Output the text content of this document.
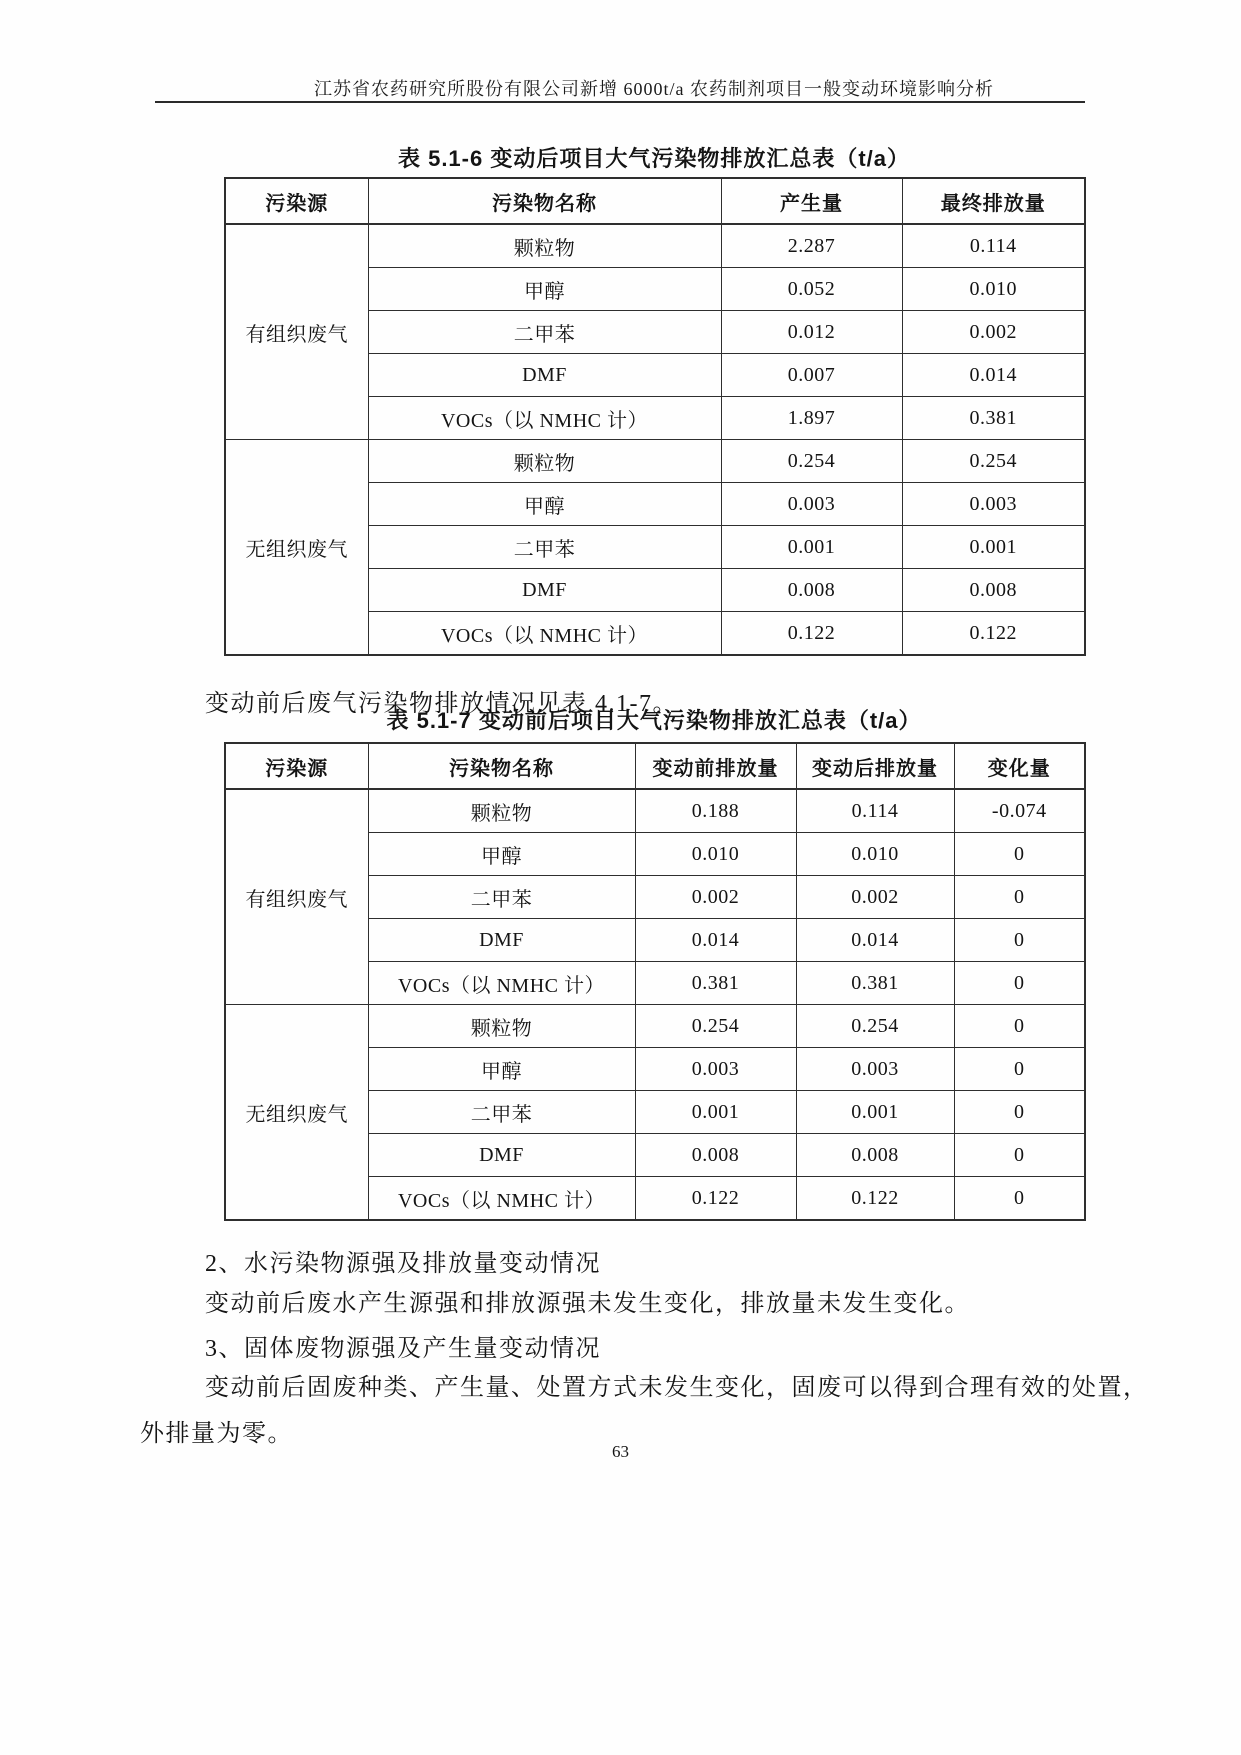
江苏省农药研究所股份有限公司新增 6000t/a 农药制剂项目一般变动环境影响分析
表 5.1-6 变动后项目大气污染物排放汇总表（t/a）
污染源	污染物名称	产生量	最终排放量
有组织废气	颗粒物	2.287	0.114
	甲醇	0.052	0.010
	二甲苯	0.012	0.002
	DMF	0.007	0.014
	VOCs（以 NMHC 计）	1.897	0.381
无组织废气	颗粒物	0.254	0.254
	甲醇	0.003	0.003
	二甲苯	0.001	0.001
	DMF	0.008	0.008
	VOCs（以 NMHC 计）	0.122	0.122

变动前后废气污染物排放情况见表 4.1-7。

表 5.1-7 变动前后项目大气污染物排放汇总表（t/a）
污染源	污染物名称	变动前排放量	变动后排放量	变化量
有组织废气	颗粒物	0.188	0.114	-0.074
	甲醇	0.010	0.010	0
	二甲苯	0.002	0.002	0
	DMF	0.014	0.014	0
	VOCs（以 NMHC 计）	0.381	0.381	0
无组织废气	颗粒物	0.254	0.254	0
	甲醇	0.003	0.003	0
	二甲苯	0.001	0.001	0
	DMF	0.008	0.008	0
	VOCs（以 NMHC 计）	0.122	0.122	0

2、水污染物源强及排放量变动情况

变动前后废水产生源强和排放源强未发生变化，排放量未发生变化。

3、固体废物源强及产生量变动情况

变动前后固废种类、产生量、处置方式未发生变化，固废可以得到合理有效的处置，

外排量为零。

63
